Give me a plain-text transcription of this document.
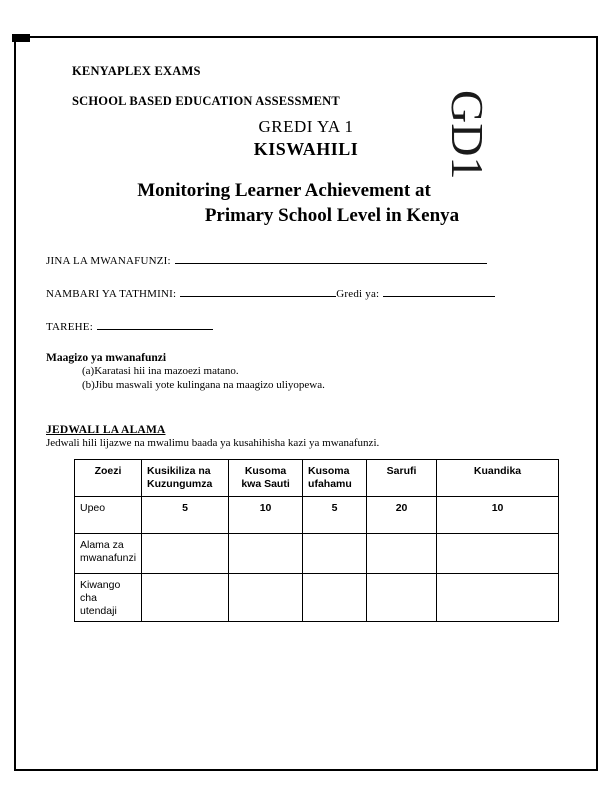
GD1
KENYAPLEX EXAMS
SCHOOL BASED EDUCATION ASSESSMENT
GREDI YA 1
KISWAHILI
Monitoring Learner Achievement at
Primary School Level in Kenya
JINA LA MWANAFUNZI:
NAMBARI YA TATHMINI:	Gredi ya:
TAREHE:
Maagizo ya mwanafunzi
(a)Karatasi hii ina mazoezi matano.
(b)Jibu maswali yote kulingana na maagizo uliyopewa.
JEDWALI LA ALAMA
Jedwali hili lijazwe na mwalimu baada ya kusahihisha kazi ya mwanafunzi.
Zoezi	Kusikiliza na Kuzungumza	Kusoma kwa Sauti	Kusoma ufahamu	Sarufi	Kuandika
Upeo	5	10	5	20	10
Alama za mwanafunzi					
Kiwango cha utendaji					
